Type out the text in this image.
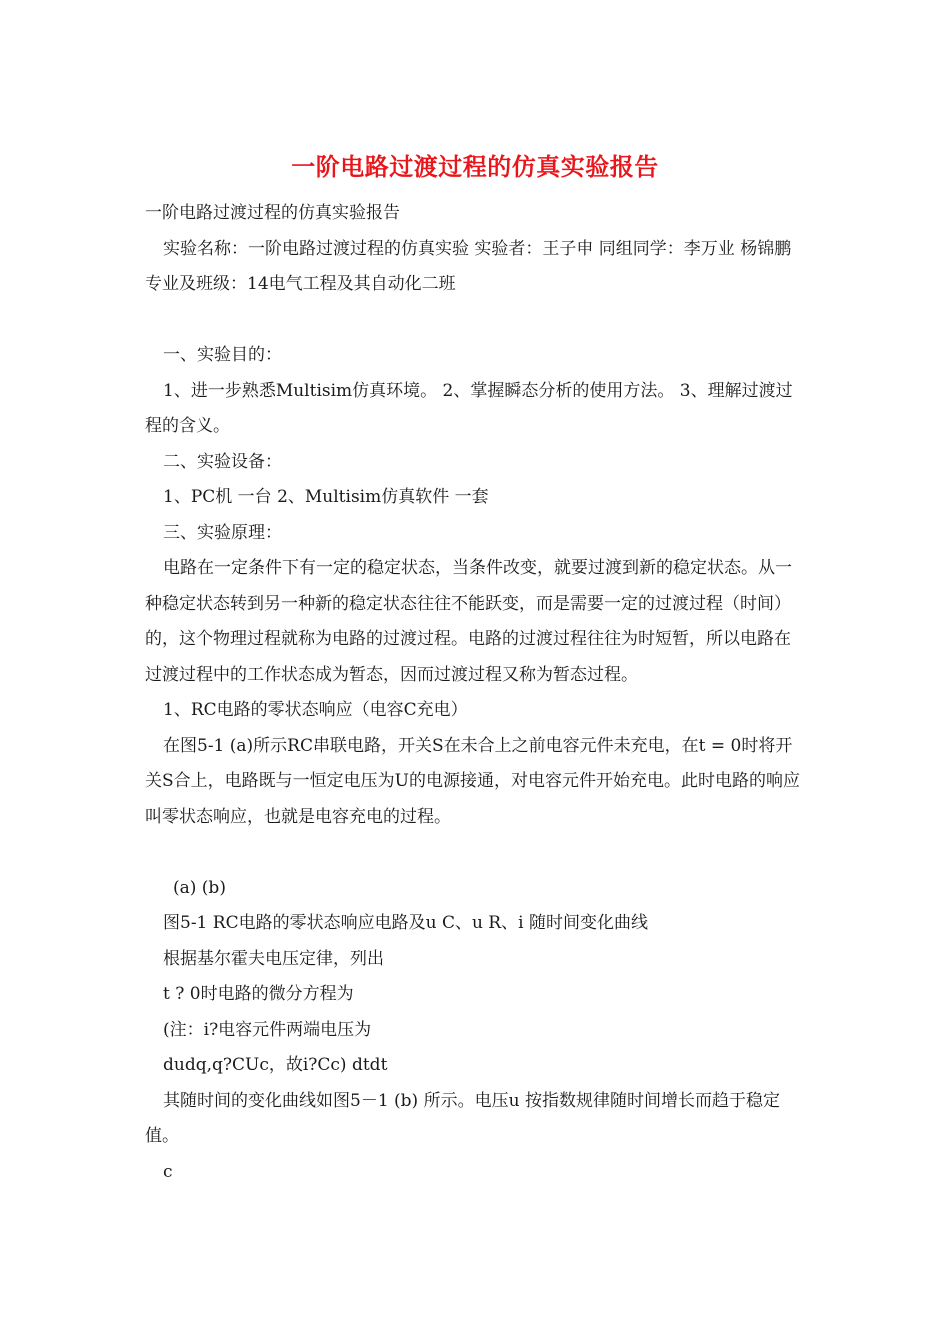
一阶电路过渡过程的仿真实验报告

一阶电路过渡过程的仿真实验报告

实验名称：一阶电路过渡过程的仿真实验 实验者：王子申 同组同学：李万业 杨锦鹏 专业及班级：14电气工程及其自动化二班

一、实验目的：

1、进一步熟悉Multisim仿真环境。 2、掌握瞬态分析的使用方法。 3、理解过渡过程的含义。

二、实验设备：

1、PC机 一台 2、Multisim仿真软件 一套

三、实验原理：

电路在一定条件下有一定的稳定状态，当条件改变，就要过渡到新的稳定状态。从一种稳定状态转到另一种新的稳定状态往往不能跃变，而是需要一定的过渡过程（时间）的，这个物理过程就称为电路的过渡过程。电路的过渡过程往往为时短暂，所以电路在过渡过程中的工作状态成为暂态，因而过渡过程又称为暂态过程。

1、RC电路的零状态响应（电容C充电）

在图5-1 (a)所示RC串联电路，开关S在未合上之前电容元件未充电，在t = 0时将开关S合上，电路既与一恒定电压为U的电源接通，对电容元件开始充电。此时电路的响应叫零状态响应，也就是电容充电的过程。

(a) (b)

图5-1 RC电路的零状态响应电路及u C、u R、i 随时间变化曲线

根据基尔霍夫电压定律，列出

t ? 0时电路的微分方程为

(注：i?电容元件两端电压为

dudq,q?CUc，故i?Cc) dtdt

其随时间的变化曲线如图5－1 (b) 所示。电压u 按指数规律随时间增长而趋于稳定值。

c
